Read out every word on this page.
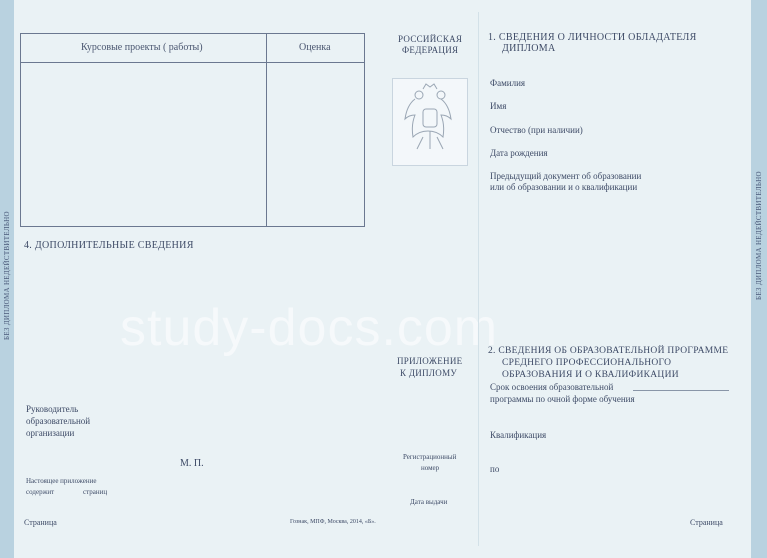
БЕЗ ДИПЛОМА НЕДЕЙСТВИТЕЛЬНО	БЕЗ ДИПЛОМА НЕДЕЙСТВИТЕЛЬНО
Курсовые проекты ( работы)	Оценка
4. ДОПОЛНИТЕЛЬНЫЕ СВЕДЕНИЯ
Руководитель
образовательной
организации
М. П.
Настоящее приложение
содержит	страниц
Страница	Гознак, МПФ, Москва, 2014, «Б».
study-docs.com
РОССИЙСКАЯ
ФЕДЕРАЦИЯ
1. СВЕДЕНИЯ О ЛИЧНОСТИ ОБЛАДАТЕЛЯ
ДИПЛОМА
Фамилия
Имя
Отчество (при наличии)
Дата рождения
Предыдущий документ об образовании
или об образовании и о квалификации
ПРИЛОЖЕНИЕ
К ДИПЛОМУ
2. СВЕДЕНИЯ ОБ ОБРАЗОВАТЕЛЬНОЙ ПРОГРАММЕ
СРЕДНЕГО ПРОФЕССИОНАЛЬНОГО
ОБРАЗОВАНИЯ И О КВАЛИФИКАЦИИ
Срок освоения образовательной
программы по очной форме обучения
Квалификация
по
Регистрационный
номер
Дата выдачи
Страница
